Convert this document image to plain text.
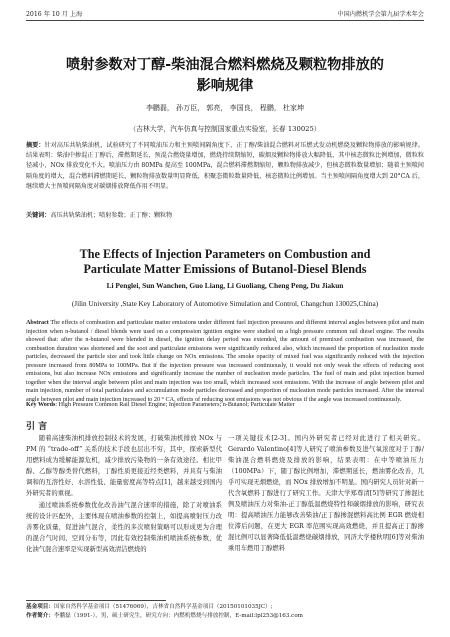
2016 年 10 月 上海	中国内燃机学会第九届学术年会
喷射参数对丁醇-柴油混合燃料燃烧及颗粒物排放的
影响规律
李鹏磊， 孙万臣， 郭亮， 李国良， 程鹏， 杜家坤
（吉林大学，汽车仿真与控制国家重点实验室，长春 130025）
摘要：针对高压共轨柴油机，试验研究了不同喷油压力和主预喷间隔角度下，正丁醇/柴油混合燃料对压燃式发动机燃烧及颗粒物排放的影响规律。结果表明：柴油中掺混正丁醇后，滞燃期延长，预混合燃烧量增加，燃烧持续期缩短，碳烟及颗粒物排放大幅降低，其中核态微粒比例增加，微粒粒径减小，NOx 排放变化不大。喷油压力由 80MPa 提高至 100MPa，混合燃料滞燃期缩短，颗粒物排放减少，但核态微粒数量增加；随着主预喷间隔角度的增大，混合燃料滞燃期延长，颗粒物排放数量明显降低，积聚态微粒数量降低，核态微粒比例增加。当主预喷间隔角度增大到 20°CA 后，继续增大主预喷间隔角度对碳烟排放降低作用不明显。
关键词：高压共轨柴油机；喷射参数；正丁醇；颗粒物
The Effects of Injection Parameters on Combustion and
Particulate Matter Emissions of Butanol-Diesel Blends
Li Penglei, Sun Wanchen, Guo Liang, Li Guoliang, Cheng Peng, Du Jiakun
(Jilin University ,State Key Laboratory of Automotive Simulation and Control, Changchun 130025,China)
Abstract The effects of combustion and particulate matter emissions under different fuel injection pressures and different interval angles between pilot and main injection when n-butanol / diesel blends were used on a compression ignition engine were studied on a high pressure common rail diesel engine. The results showed that: after the n-butanol were blended in diesel, the ignition delay period was extended, the amount of premixed combustion was increased, the combustion duration was shortened and the soot and particulate emissions were significantly reduced also, which increased the proportion of nucleation mode particles, decreased the particle size and took little change on NOx emissions. The smoke opacity of mixed fuel was significantly reduced with the injection pressure increased from 80MPa to 100MPa. But if the injection pressure was increased continuously, it would not only weak the effects of reducing soot emissions, but also increase NOx emissions and significantly increase the number of nucleation mode particles. The fuel of main and pilot injection burned together when the interval angle between pilot and main injection was too small, which increased soot emissions. With the increase of angle between pilot and main injection, number of total particulates and accumulation mode particles decreased and proportion of nucleation mode particles increased. After the interval angle between pilot and main injection increased to 20 ° CA, effects of reducing soot emissions was not obvious if the angle was increased continuously.
Key Words: High Pressure Common Rail Diesel Engine; Injection Parameters; n-Butanol; Particulate Matter
引 言

随着高速柴油机排放控制技术的发展，打破柴油机排放 NOx 与 PM 的 “trade-off” 关系的技术手段也层出不穷，其中，探索新型代用燃料成为缓解能源危机，减少排放污染物的一条有效途径。相比甲醇、乙醇等醇类替代燃料，丁醇性质更接近经类燃料，并具有与柴油调和的互溶性好、水溶性低、能量密度高等特点[1]，越来越受到国内外研究者的重视。

通过喷油系统参数优化改善油气混合速率的措施，除了对喷油系统的设计匹配外，主要体现在喷油参数的控制上，如提高喷射压力改善雾化质量，促进油气混合，柔性的多次喷射策略可以形成更为合理的混合气时间、空间分布等，因此有效控制柴油机喷油系统参数，优化油气混合速率是实现新型高效清洁燃烧的

一项关键技术[2-3]。国内外研究者已经对此进行了相关研究。Gerardo Valentino[4]等人研究了喷油参数及进气氧浓度对于丁醇/柴油混合燃料燃烧及排放的影响，结果表明：在中等喷油压力（100MPa）下，随丁醇比例增加，滞燃期延长，燃油雾化改善，几乎可实现无烟燃烧，而 NOx 排放增加不明显。国内研究人员针对新一代含氧燃料丁醇进行了研究工作。天津大学郑尊清[5]等研究了掺混比例及喷油压力对柴油-正丁醇低温燃烧特性和碳烟排放的影响，研究表明：提高喷油压力能够改善柴油/正丁醇掺混燃料高比例 EGR 燃烧相位滞后问题，在更大 EGR 率范围实现高效燃烧，并且提高正丁醇掺混比例可以显著降低低温燃烧碳烟排放，同济大学楼秋明[6]等对柴油乘用车燃用丁醇燃料

基金项目：国家自然科学基金项目（51476069），吉林省自然科学基金项目（20150101035JC）;
作者简介：李鹏磊（1991-），男，硕士研究生，研究方向：内燃机燃烧与排放控制，E-mail:lpl253@163.com
